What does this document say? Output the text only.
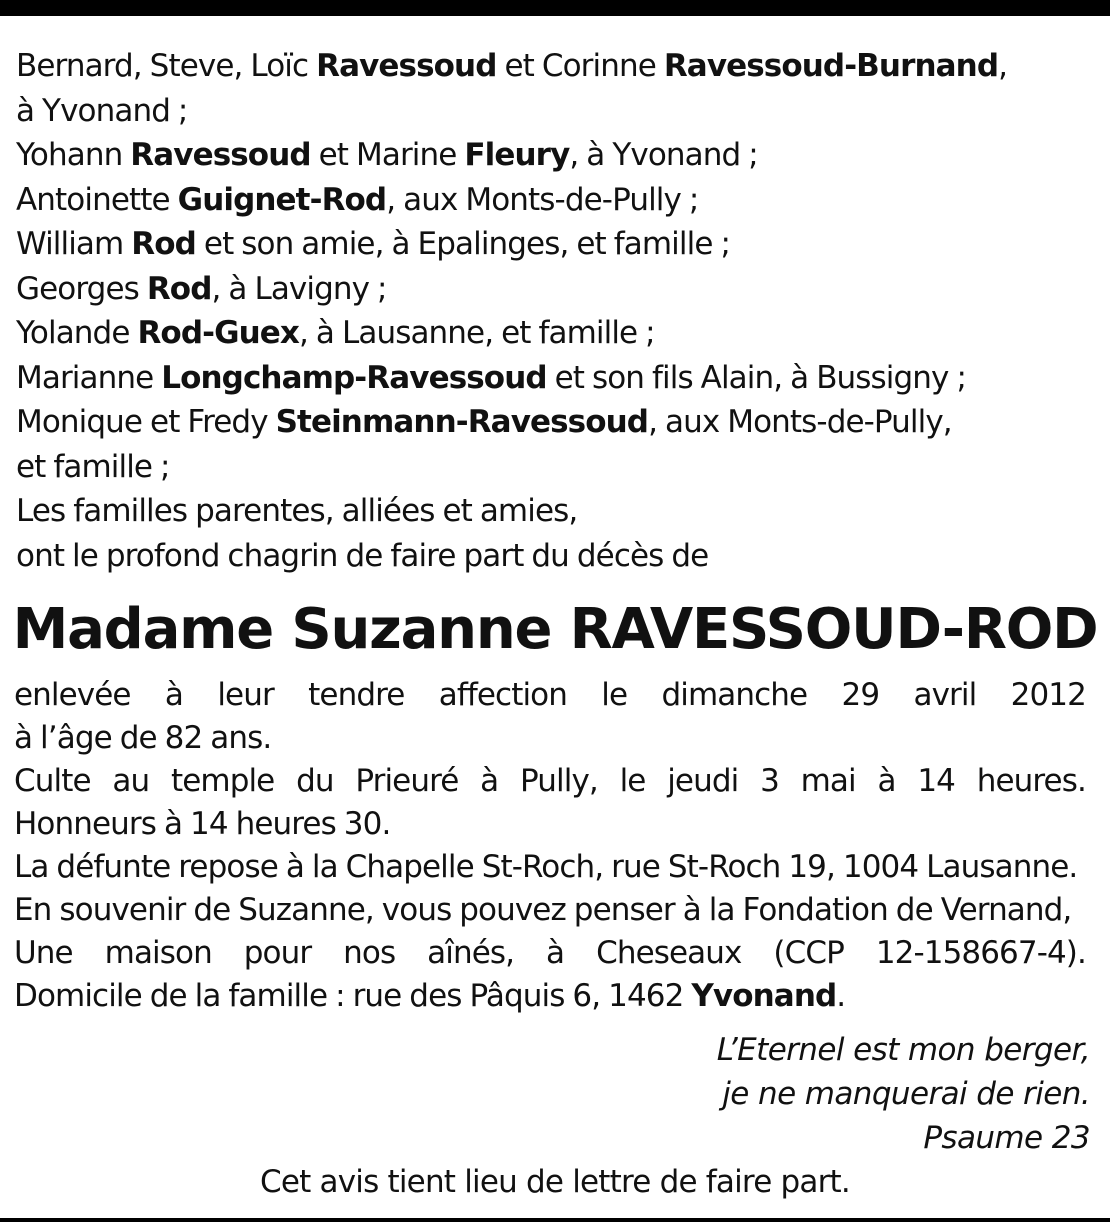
Bernard, Steve, Loïc Ravessoud et Corinne Ravessoud-Burnand,
à Yvonand ;
Yohann Ravessoud et Marine Fleury, à Yvonand ;
Antoinette Guignet-Rod, aux Monts-de-Pully ;
William Rod et son amie, à Epalinges, et famille ;
Georges Rod, à Lavigny ;
Yolande Rod-Guex, à Lausanne, et famille ;
Marianne Longchamp-Ravessoud et son fils Alain, à Bussigny ;
Monique et Fredy Steinmann-Ravessoud, aux Monts-de-Pully,
et famille ;
Les familles parentes, alliées et amies,
ont le profond chagrin de faire part du décès de
Madame Suzanne RAVESSOUD-ROD
enlevée à leur tendre affection le dimanche 29 avril 2012
à l’âge de 82 ans.
Culte au temple du Prieuré à Pully, le jeudi 3 mai à 14 heures.
Honneurs à 14 heures 30.
La défunte repose à la Chapelle St-Roch, rue St-Roch 19, 1004 Lausanne.
En souvenir de Suzanne, vous pouvez penser à la Fondation de Vernand,
Une maison pour nos aînés, à Cheseaux (CCP 12-158667-4).
Domicile de la famille : rue des Pâquis 6, 1462 Yvonand.
L’Eternel est mon berger,
je ne manquerai de rien.
Psaume 23
Cet avis tient lieu de lettre de faire part.
